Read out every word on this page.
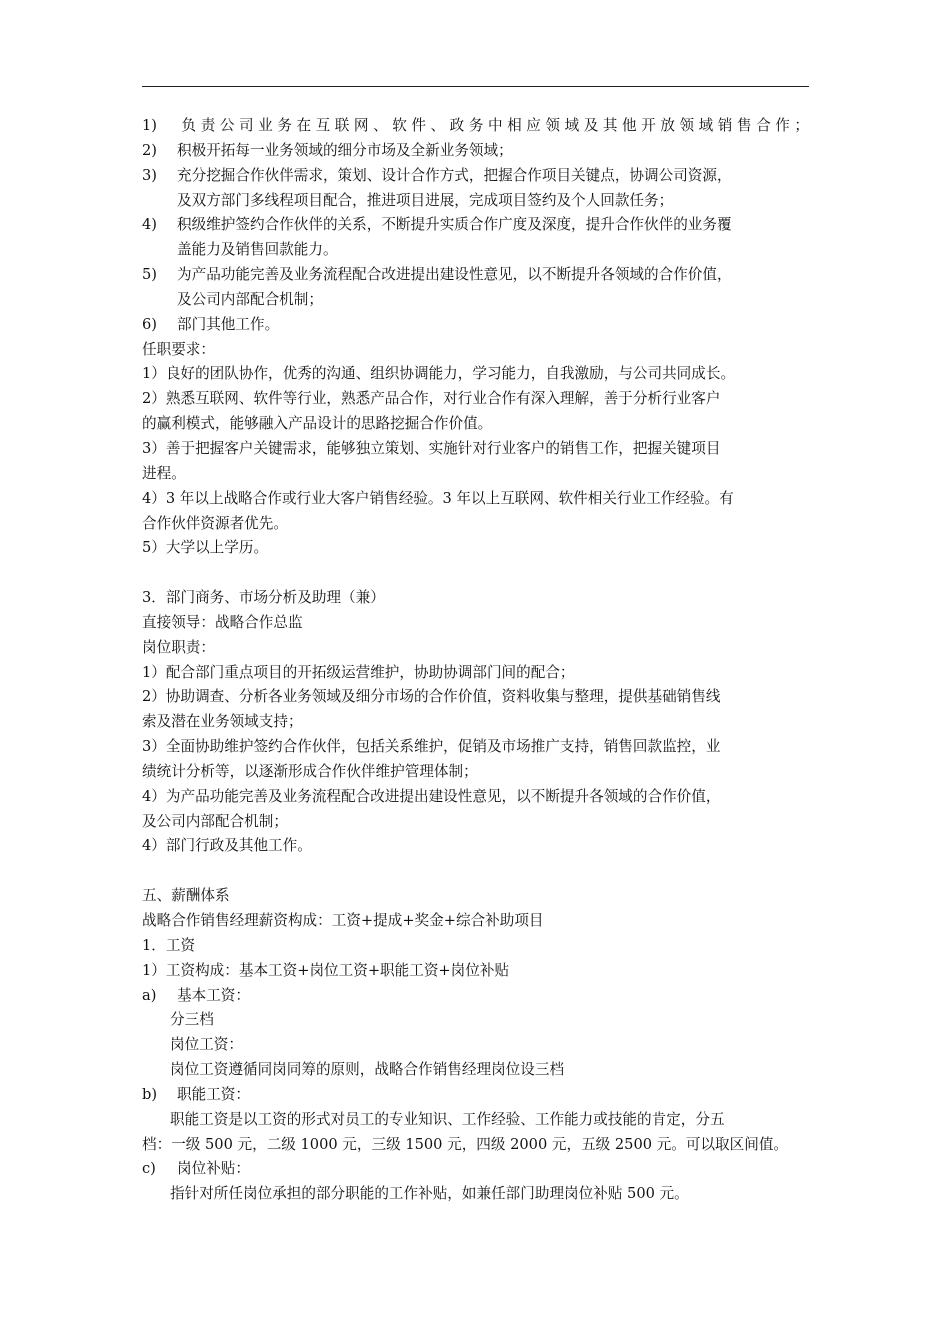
1) 负责公司业务在互联网、软件、政务中相应领域及其他开放领域销售合作；
2) 积极开拓每一业务领域的细分市场及全新业务领域；
3) 充分挖掘合作伙伴需求，策划、设计合作方式，把握合作项目关键点，协调公司资源，
及双方部门多线程项目配合，推进项目进展，完成项目签约及个人回款任务；
4) 积级维护签约合作伙伴的关系，不断提升实质合作广度及深度，提升合作伙伴的业务覆
盖能力及销售回款能力。
5) 为产品功能完善及业务流程配合改进提出建设性意见，以不断提升各领域的合作价值，
及公司内部配合机制；
6) 部门其他工作。
任职要求：
1）良好的团队协作，优秀的沟通、组织协调能力，学习能力，自我激励，与公司共同成长。
2）熟悉互联网、软件等行业，熟悉产品合作，对行业合作有深入理解，善于分析行业客户
的赢利模式，能够融入产品设计的思路挖掘合作价值。
3）善于把握客户关键需求，能够独立策划、实施针对行业客户的销售工作，把握关键项目
进程。
4）3 年以上战略合作或行业大客户销售经验。3 年以上互联网、软件相关行业工作经验。有
合作伙伴资源者优先。
5）大学以上学历。
3．部门商务、市场分析及助理（兼）
直接领导：战略合作总监
岗位职责：
1）配合部门重点项目的开拓级运营维护，协助协调部门间的配合；
2）协助调查、分析各业务领域及细分市场的合作价值，资料收集与整理，提供基础销售线
索及潜在业务领域支持；
3）全面协助维护签约合作伙伴，包括关系维护，促销及市场推广支持，销售回款监控，业
绩统计分析等，以逐渐形成合作伙伴维护管理体制；
4）为产品功能完善及业务流程配合改进提出建设性意见，以不断提升各领域的合作价值，
及公司内部配合机制；
4）部门行政及其他工作。
五、薪酬体系
战略合作销售经理薪资构成：工资+提成+奖金+综合补助项目
1．工资
1）工资构成：基本工资+岗位工资+职能工资+岗位补贴
a) 基本工资：
分三档
岗位工资：
岗位工资遵循同岗同筹的原则，战略合作销售经理岗位设三档
b) 职能工资：
职能工资是以工资的形式对员工的专业知识、工作经验、工作能力或技能的肯定，分五
档：一级 500 元，二级 1000 元，三级 1500 元，四级 2000 元，五级 2500 元。可以取区间值。
c) 岗位补贴：
指针对所任岗位承担的部分职能的工作补贴，如兼任部门助理岗位补贴 500 元。
